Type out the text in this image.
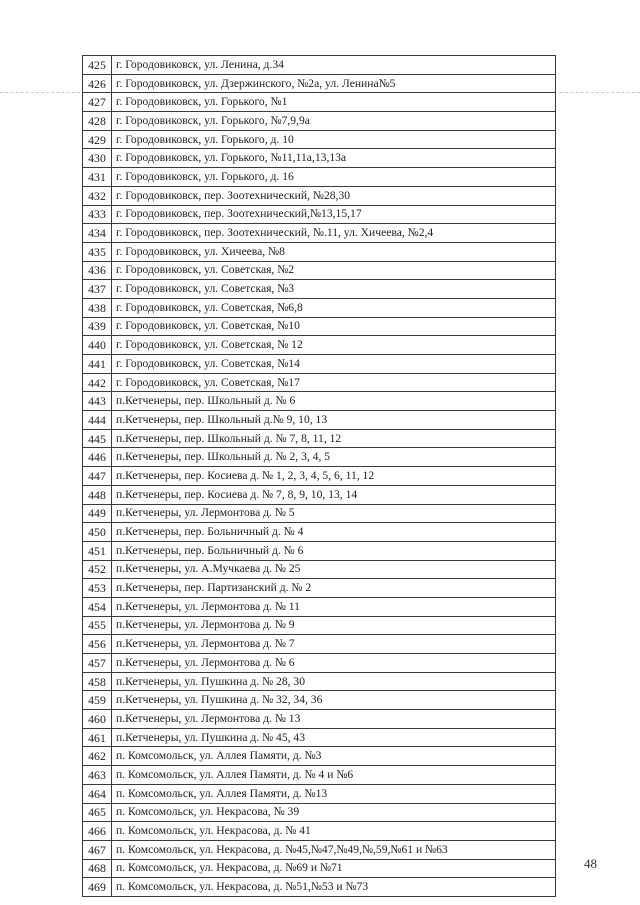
425	г. Городовиковск, ул. Ленина, д.34
426	г. Городовиковск, ул. Дзержинского, №2а, ул. Ленина№5
427	г. Городовиковск, ул. Горького, №1
428	г. Городовиковск, ул. Горького, №7,9,9а
429	г. Городовиковск, ул. Горького, д. 10
430	г. Городовиковск, ул. Горького, №11,11а,13,13а
431	г. Городовиковск, ул. Горького, д. 16
432	г. Городовиковск, пер. Зоотехнический, №28,30
433	г. Городовиковск, пер. Зоотехнический,№13,15,17
434	г. Городовиковск, пер. Зоотехнический, №.11, ул. Хичеева, №2,4
435	г. Городовиковск, ул. Хичеева, №8
436	г. Городовиковск, ул. Советская, №2
437	г. Городовиковск, ул. Советская, №3
438	г. Городовиковск, ул. Советская, №6,8
439	г. Городовиковск, ул. Советская, №10
440	г. Городовиковск, ул. Советская, № 12
441	г. Городовиковск, ул. Советская, №14
442	г. Городовиковск, ул. Советская, №17
443	п.Кетченеры, пер. Школьный д. № 6
444	п.Кетченеры, пер. Школьный д.№ 9, 10, 13
445	п.Кетченеры, пер. Школьный д. № 7, 8, 11, 12
446	п.Кетченеры, пер. Школьный д. № 2, 3, 4, 5
447	п.Кетченеры, пер. Косиева д. № 1, 2, 3, 4, 5, 6, 11, 12
448	п.Кетченеры, пер. Косиева д. № 7, 8, 9, 10, 13, 14
449	п.Кетченеры, ул. Лермонтова д. № 5
450	п.Кетченеры, пер. Больничный д. № 4
451	п.Кетченеры, пер. Больничный д. № 6
452	п.Кетченеры, ул. А.Мучкаева д. № 25
453	п.Кетченеры, пер. Партизанский д. № 2
454	п.Кетченеры, ул. Лермонтова д. № 11
455	п.Кетченеры, ул. Лермонтова д. № 9
456	п.Кетченеры, ул. Лермонтова д. № 7
457	п.Кетченеры, ул. Лермонтова д. № 6
458	п.Кетченеры, ул. Пушкина д. № 28, 30
459	п.Кетченеры, ул. Пушкина д. № 32, 34, 36
460	п.Кетченеры, ул. Лермонтова д. № 13
461	п.Кетченеры, ул. Пушкина д. № 45, 43
462	п. Комсомольск, ул. Аллея Памяти, д. №3
463	п. Комсомольск, ул. Аллея Памяти, д. № 4 и №6
464	п. Комсомольск, ул. Аллея Памяти, д. №13
465	п. Комсомольск, ул. Некрасова, № 39
466	п. Комсомольск, ул. Некрасова, д. № 41
467	п. Комсомольск, ул. Некрасова, д. №45,№47,№49,№,59,№61 и №63
468	п. Комсомольск, ул. Некрасова, д. №69 и №71
469	п. Комсомольск, ул. Некрасова, д. №51,№53 и №73
48
